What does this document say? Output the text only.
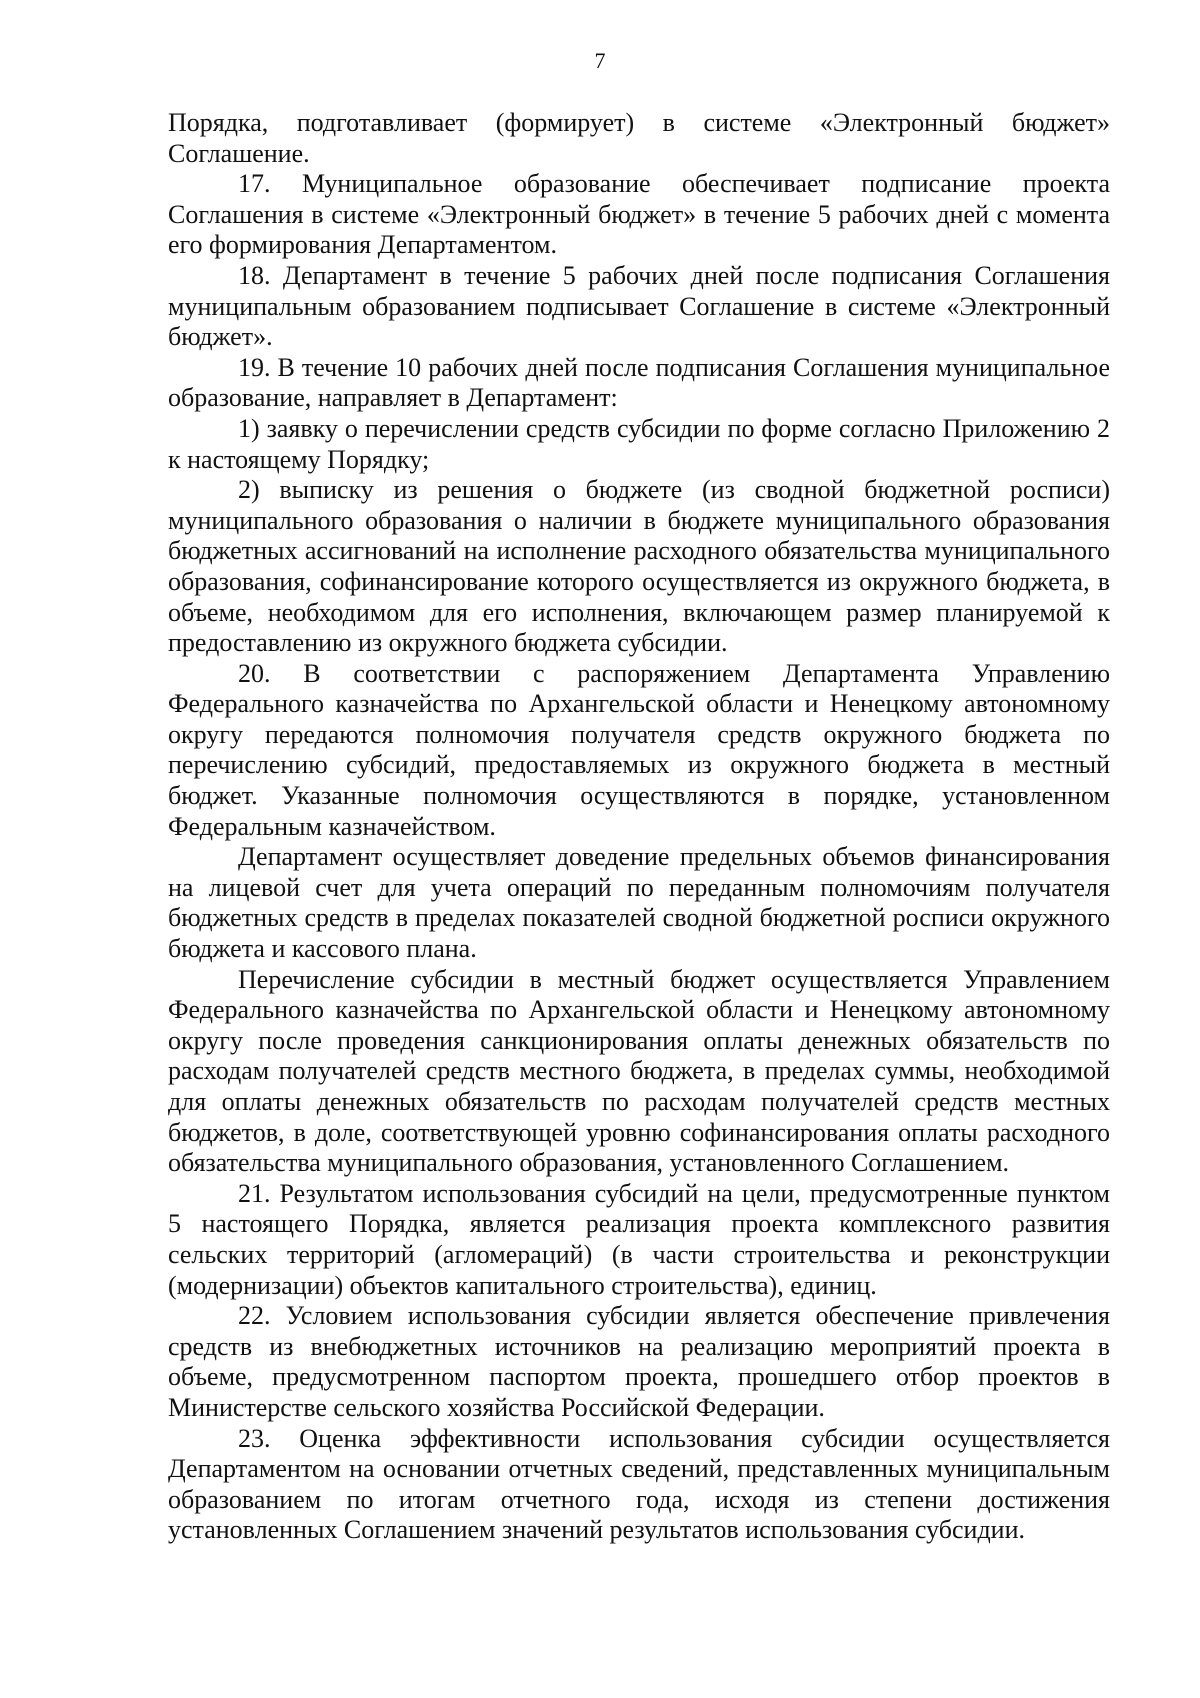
7

Порядка, подготавливает (формирует) в системе «Электронный бюджет» Соглашение.

17. Муниципальное образование обеспечивает подписание проекта Соглашения в системе «Электронный бюджет» в течение 5 рабочих дней с момента его формирования Департаментом.

18. Департамент в течение 5 рабочих дней после подписания Соглашения муниципальным образованием подписывает Соглашение в системе «Электронный бюджет».

19. В течение 10 рабочих дней после подписания Соглашения муниципальное образование, направляет в Департамент:

1) заявку о перечислении средств субсидии по форме согласно Приложению 2 к настоящему Порядку;

2) выписку из решения о бюджете (из сводной бюджетной росписи) муниципального образования о наличии в бюджете муниципального образования бюджетных ассигнований на исполнение расходного обязательства муниципального образования, софинансирование которого осуществляется из окружного бюджета, в объеме, необходимом для его исполнения, включающем размер планируемой к предоставлению из окружного бюджета субсидии.

20. В соответствии с распоряжением Департамента Управлению Федерального казначейства по Архангельской области и Ненецкому автономному округу передаются полномочия получателя средств окружного бюджета по перечислению субсидий, предоставляемых из окружного бюджета в местный бюджет. Указанные полномочия осуществляются в порядке, установленном Федеральным казначейством.

Департамент осуществляет доведение предельных объемов финансирования на лицевой счет для учета операций по переданным полномочиям получателя бюджетных средств в пределах показателей сводной бюджетной росписи окружного бюджета и кассового плана.

Перечисление субсидии в местный бюджет осуществляется Управлением Федерального казначейства по Архангельской области и Ненецкому автономному округу после проведения санкционирования оплаты денежных обязательств по расходам получателей средств местного бюджета, в пределах суммы, необходимой для оплаты денежных обязательств по расходам получателей средств местных бюджетов, в доле, соответствующей уровню софинансирования оплаты расходного обязательства муниципального образования, установленного Соглашением.

21. Результатом использования субсидий на цели, предусмотренные пунктом 5 настоящего Порядка, является реализация проекта комплексного развития сельских территорий (агломераций) (в части строительства и реконструкции (модернизации) объектов капитального строительства), единиц.

22. Условием использования субсидии является обеспечение привлечения средств из внебюджетных источников на реализацию мероприятий проекта в объеме, предусмотренном паспортом проекта, прошедшего отбор проектов в Министерстве сельского хозяйства Российской Федерации.

23. Оценка эффективности использования субсидии осуществляется Департаментом на основании отчетных сведений, представленных муниципальным образованием по итогам отчетного года, исходя из степени достижения установленных Соглашением значений результатов использования субсидии.
